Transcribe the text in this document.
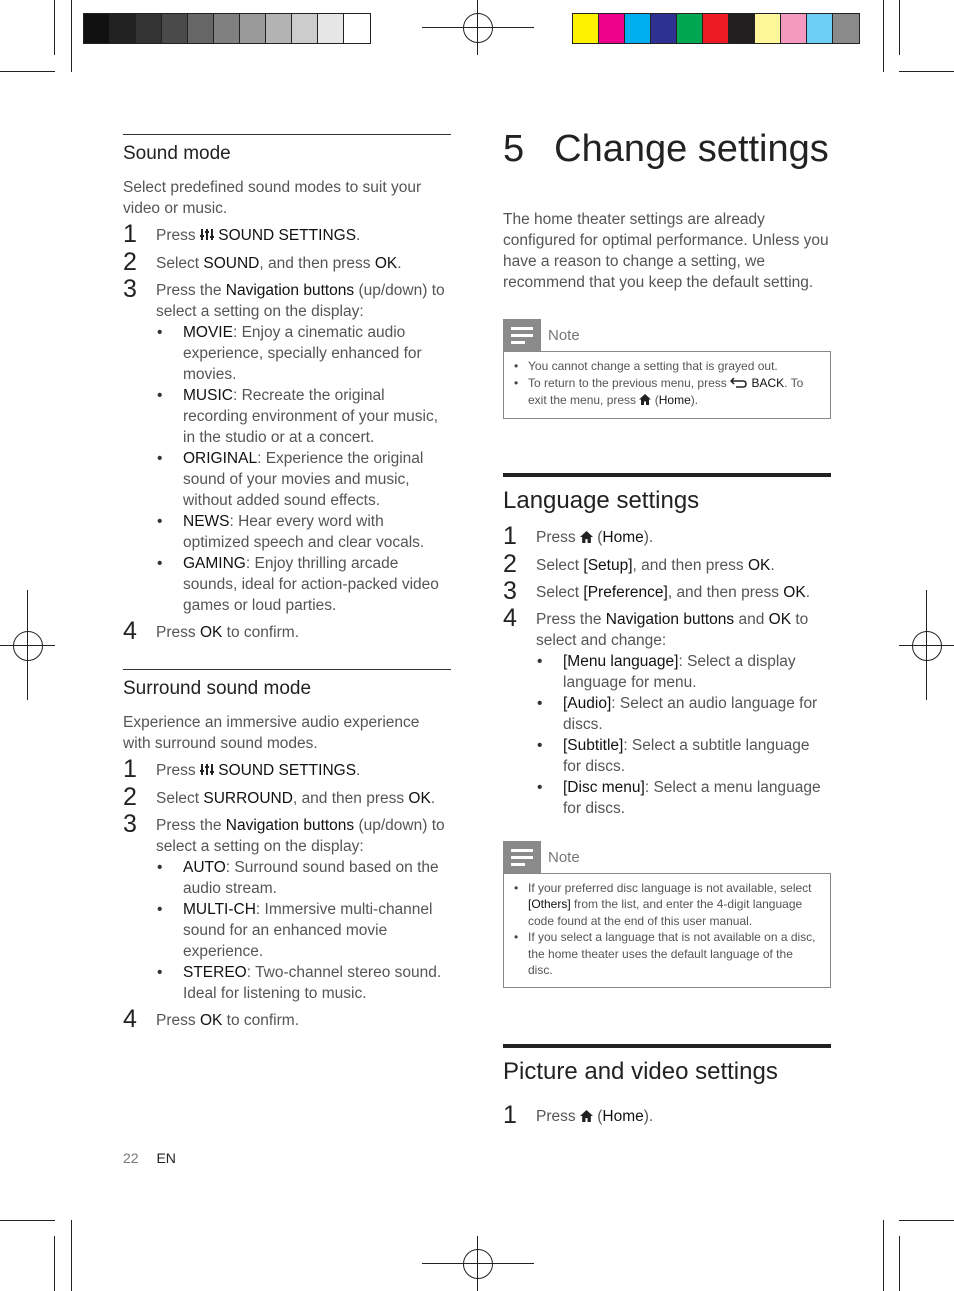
Sound mode

Select predefined sound modes to suit your video or music.

1 Press  SOUND SETTINGS.
2 Select SOUND, and then press OK.
3 Press the Navigation buttons (up/down) to select a setting on the display:
• MOVIE: Enjoy a cinematic audio experience, specially enhanced for movies.
• MUSIC: Recreate the original recording environment of your music, in the studio or at a concert.
• ORIGINAL: Experience the original sound of your movies and music, without added sound effects.
• NEWS: Hear every word with optimized speech and clear vocals.
• GAMING: Enjoy thrilling arcade sounds, ideal for action-packed video games or loud parties.
4 Press OK to confirm.
Surround sound mode

Experience an immersive audio experience with surround sound modes.

1 Press  SOUND SETTINGS.
2 Select SURROUND, and then press OK.
3 Press the Navigation buttons (up/down) to select a setting on the display:
• AUTO: Surround sound based on the audio stream.
• MULTI-CH: Immersive multi-channel sound for an enhanced movie experience.
• STEREO: Two-channel stereo sound. Ideal for listening to music.
4 Press OK to confirm.
22 EN
5 Change settings

The home theater settings are already configured for optimal performance. Unless you have a reason to change a setting, we recommend that you keep the default setting.

Note
• You cannot change a setting that is grayed out.
• To return to the previous menu, press  BACK. To exit the menu, press  (Home).
Language settings
1 Press  (Home).
2 Select [Setup], and then press OK.
3 Select [Preference], and then press OK.
4 Press the Navigation buttons and OK to select and change:
• [Menu language]: Select a display language for menu.
• [Audio]: Select an audio language for discs.
• [Subtitle]: Select a subtitle language for discs.
• [Disc menu]: Select a menu language for discs.
Note
• If your preferred disc language is not available, select [Others] from the list, and enter the 4-digit language code found at the end of this user manual.
• If you select a language that is not available on a disc, the home theater uses the default language of the disc.
Picture and video settings
1 Press  (Home).
